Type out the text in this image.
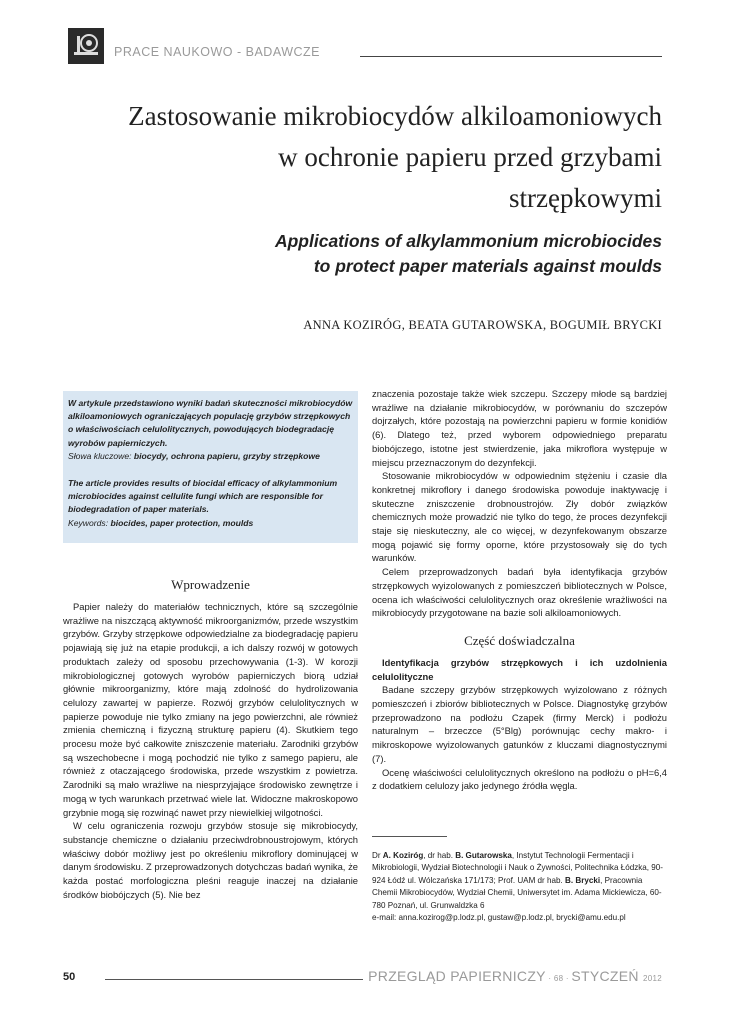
PRACE NAUKOWO - BADAWCZE
Zastosowanie mikrobiocydów alkiloamoniowych
w ochronie papieru przed grzybami
strzępkowymi
Applications of alkylammonium microbiocides
to protect paper materials against moulds
ANNA KOZIRÓG, BEATA GUTAROWSKA, BOGUMIŁ BRYCKI

W artykule przedstawiono wyniki badań skuteczności mikrobiocydów alkiloamoniowych ograniczających populację grzybów strzępkowych o właściwościach celulolitycznych, powodujących biodegradację wyrobów papierniczych.

Słowa kluczowe: biocydy, ochrona papieru, grzyby strzępkowe

The article provides results of biocidal efficacy of alkylammonium microbiocides against cellulite fungi which are responsible for biodegradation of paper materials.

Keywords: biocides, paper protection, moulds

Wprowadzenie

Papier należy do materiałów technicznych, które są szczególnie wrażliwe na niszczącą aktywność mikroorganizmów, przede wszystkim grzybów. Grzyby strzępkowe odpowiedzialne za biodegradację papieru pojawiają się już na etapie produkcji, a ich dalszy rozwój w gotowych produktach zależy od sposobu przechowywania (1-3). W korozji mikrobiologicznej gotowych wyrobów papierniczych biorą udział głównie mikroorganizmy, które mają zdolność do hydrolizowania celulozy zawartej w papierze. Rozwój grzybów celulolitycznych w papierze powoduje nie tylko zmiany na jego powierzchni, ale również zmienia chemiczną i fizyczną strukturę papieru (4). Skutkiem tego procesu może być całkowite zniszczenie materiału. Zarodniki grzybów są wszechobecne i mogą pochodzić nie tylko z samego papieru, ale również z otaczającego środowiska, przede wszystkim z powietrza. Zarodniki są mało wrażliwe na niesprzyjające środowisko zewnętrze i mogą w tych warunkach przetrwać wiele lat. Widoczne makroskopowo grzybnie mogą się rozwinąć nawet przy niewielkiej wilgotności.

W celu ograniczenia rozwoju grzybów stosuje się mikrobiocydy, substancje chemiczne o działaniu przeciwdrobnoustrojowym, których właściwy dobór możliwy jest po określeniu mikroflory dominującej w danym środowisku. Z przeprowadzonych dotychczas badań wynika, że każda postać morfologiczna pleśni reaguje inaczej na działanie środków biobójczych (5). Nie bez

znaczenia pozostaje także wiek szczepu. Szczepy młode są bardziej wrażliwe na działanie mikrobiocydów, w porównaniu do szczepów dojrzałych, które pozostają na powierzchni papieru w formie konidiów (6). Dlatego też, przed wyborem odpowiedniego preparatu biobójczego, istotne jest stwierdzenie, jaka mikroflora występuje w miejscu przeznaczonym do dezynfekcji.

Stosowanie mikrobiocydów w odpowiednim stężeniu i czasie dla konkretnej mikroflory i danego środowiska powoduje inaktywację i skuteczne zniszczenie drobnoustrojów. Zły dobór związków chemicznych może prowadzić nie tylko do tego, że proces dezynfekcji staje się nieskuteczny, ale co więcej, w dezynfekowanym obszarze mogą pojawić się formy oporne, które przystosowały się do tych warunków.

Celem przeprowadzonych badań była identyfikacja grzybów strzępkowych wyizolowanych z pomieszczeń bibliotecznych w Polsce, ocena ich właściwości celulolitycznych oraz określenie wrażliwości na mikrobiocydy przygotowane na bazie soli alkiloamoniowych.

Część doświadczalna

Identyfikacja grzybów strzępkowych i ich uzdolnienia celulolityczne

Badane szczepy grzybów strzępkowych wyizolowano z różnych pomieszczeń i zbiorów bibliotecznych w Polsce. Diagnostykę grzybów przeprowadzono na podłożu Czapek (firmy Merck) i podłożu naturalnym – brzeczce (5°Blg) porównując cechy makro- i mikroskopowe wyizolowanych gatunków z kluczami diagnostycznymi (7).

Ocenę właściwości celulolitycznych określono na podłożu o pH=6,4 z dodatkiem celulozy jako jedynego źródła węgla.

Dr A. Koziróg, dr hab. B. Gutarowska, Instytut Technologii Fermentacji i Mikrobiologii, Wydział Biotechnologii i Nauk o Żywności, Politechnika Łódzka, 90-924 Łódź ul. Wólczańska 171/173; Prof. UAM dr hab. B. Brycki, Pracownia Chemii Mikrobiocydów, Wydział Chemii, Uniwersytet im. Adama Mickiewicza, 60-780 Poznań, ul. Grunwaldzka 6

e-mail: anna.kozirog@p.lodz.pl, gustaw@p.lodz.pl, brycki@amu.edu.pl

50	PRZEGLĄD PAPIERNICZY · 68 · STYCZEŃ 2012
